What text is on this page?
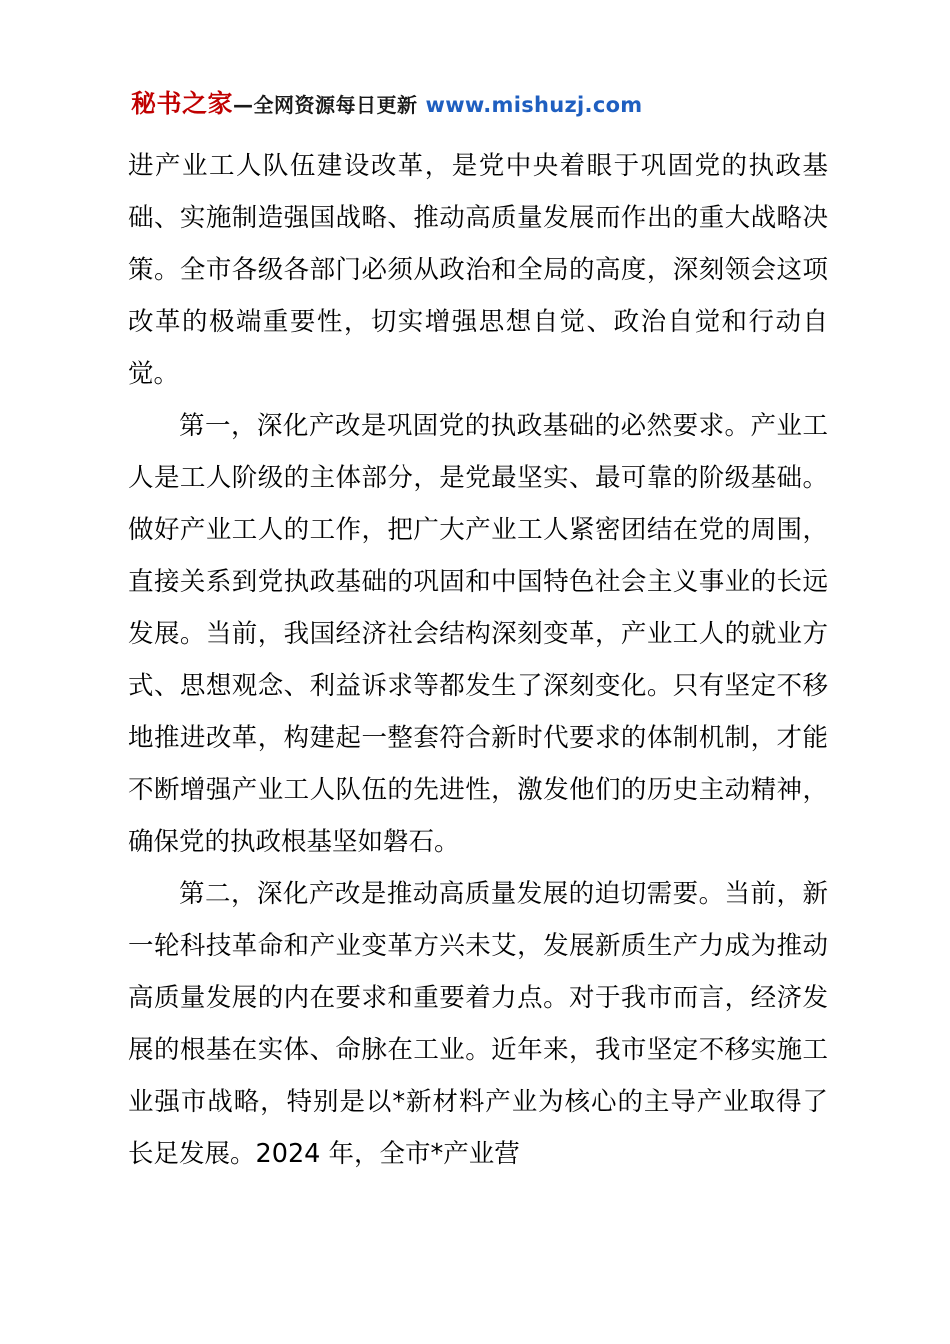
秘书之家 —全网资源每日更新 www.mishuzj.com

进产业工人队伍建设改革，是党中央着眼于巩固党的执政基础、实施制造强国战略、推动高质量发展而作出的重大战略决策。全市各级各部门必须从政治和全局的高度，深刻领会这项改革的极端重要性，切实增强思想自觉、政治自觉和行动自觉。

第一，深化产改是巩固党的执政基础的必然要求。产业工人是工人阶级的主体部分，是党最坚实、最可靠的阶级基础。做好产业工人的工作，把广大产业工人紧密团结在党的周围，直接关系到党执政基础的巩固和中国特色社会主义事业的长远发展。当前，我国经济社会结构深刻变革，产业工人的就业方式、思想观念、利益诉求等都发生了深刻变化。只有坚定不移地推进改革，构建起一整套符合新时代要求的体制机制，才能不断增强产业工人队伍的先进性，激发他们的历史主动精神，确保党的执政根基坚如磐石。

第二，深化产改是推动高质量发展的迫切需要。当前，新一轮科技革命和产业变革方兴未艾，发展新质生产力成为推动高质量发展的内在要求和重要着力点。对于我市而言，经济发展的根基在实体、命脉在工业。近年来，我市坚定不移实施工业强市战略，特别是以*新材料产业为核心的主导产业取得了长足发展。2024 年，全市*产业营
